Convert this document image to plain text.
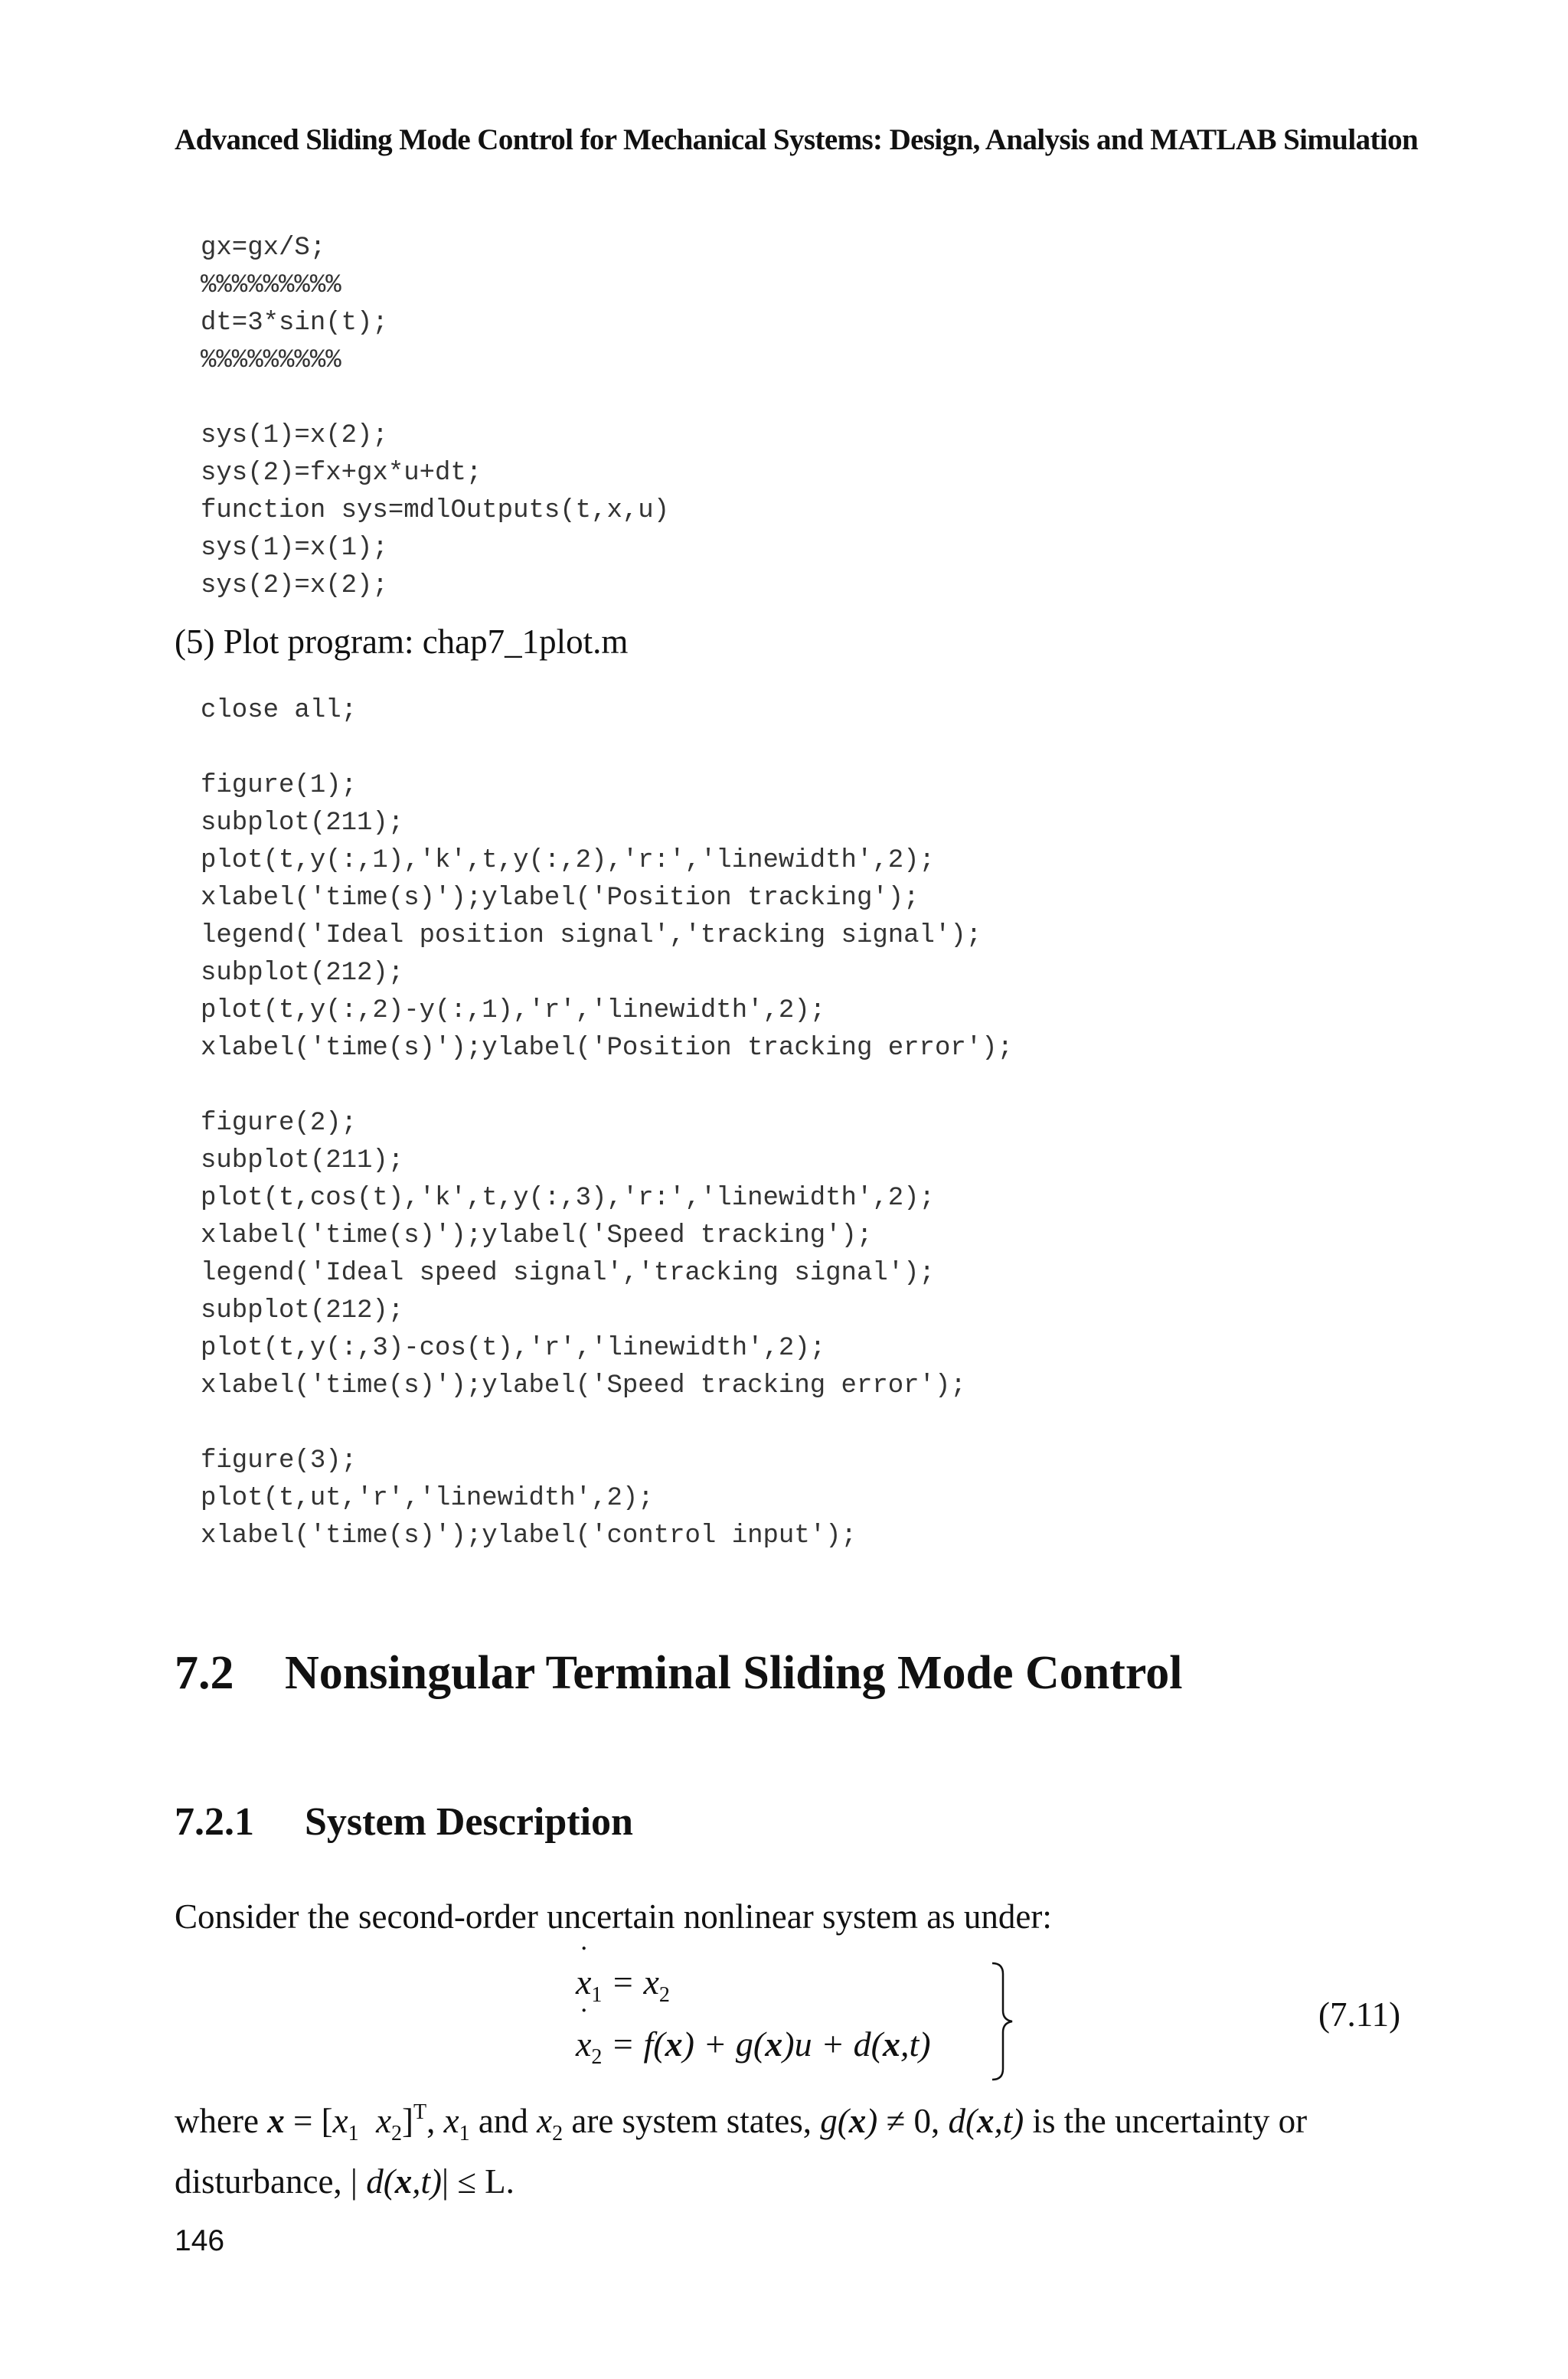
Advanced Sliding Mode Control for Mechanical Systems: Design, Analysis and MATLAB Simulation
gx=gx/S;
%%%%%%%%%
dt=3*sin(t);
%%%%%%%%%
sys(1)=x(2);
sys(2)=fx+gx*u+dt;
function sys=mdlOutputs(t,x,u)
sys(1)=x(1);
sys(2)=x(2);
(5) Plot program: chap7_1plot.m
close all;
figure(1);
subplot(211);
plot(t,y(:,1),'k',t,y(:,2),'r:','linewidth',2);
xlabel('time(s)');ylabel('Position tracking');
legend('Ideal position signal','tracking signal');
subplot(212);
plot(t,y(:,2)-y(:,1),'r','linewidth',2);
xlabel('time(s)');ylabel('Position tracking error');
figure(2);
subplot(211);
plot(t,cos(t),'k',t,y(:,3),'r:','linewidth',2);
xlabel('time(s)');ylabel('Speed tracking');
legend('Ideal speed signal','tracking signal');
subplot(212);
plot(t,y(:,3)-cos(t),'r','linewidth',2);
xlabel('time(s)');ylabel('Speed tracking error');
figure(3);
plot(t,ut,'r','linewidth',2);
xlabel('time(s)');ylabel('control input');
7.2 Nonsingular Terminal Sliding Mode Control
7.2.1 System Description
Consider the second-order uncertain nonlinear system as under:
x $˙_1 = x_2$
x $˙_2 = f(x) + g(x)u + d(x,t)$
(7.11)
where $x = [x_1$  $x_2]^T$, $x_1$ and $x_2$ are system states, g(x) ≠ 0, d(x,t) is the uncertainty or disturbance, | d(x,t)| ≤ L.
146
